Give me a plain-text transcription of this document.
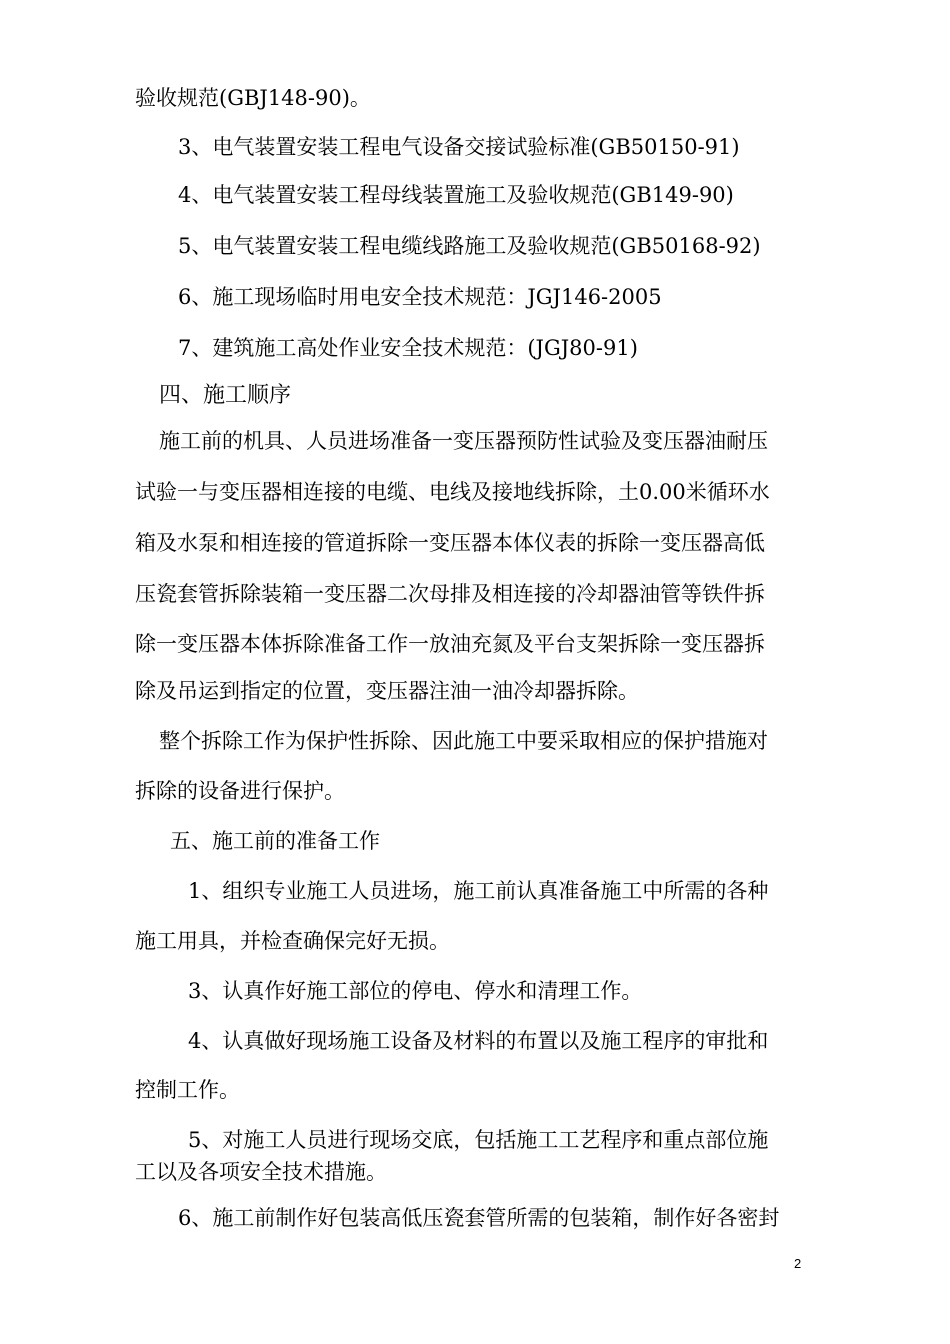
验收规范(GBJ148-90)。
3、电气装置安装工程电气设备交接试验标准(GB50150-91)
4、电气装置安装工程母线装置施工及验收规范(GB149-90)
5、电气装置安装工程电缆线路施工及验收规范(GB50168-92)
6、施工现场临时用电安全技术规范：JGJ146-2005
7、建筑施工高处作业安全技术规范：(JGJ80-91)
四、施工顺序
施工前的机具、人员进场准备一变压器预防性试验及变压器油耐压
试验一与变压器相连接的电缆、电线及接地线拆除，土0.00米循环水
箱及水泵和相连接的管道拆除一变压器本体仪表的拆除一变压器高低
压瓷套管拆除装箱一变压器二次母排及相连接的冷却器油管等铁件拆
除一变压器本体拆除准备工作一放油充氮及平台支架拆除一变压器拆
除及吊运到指定的位置，变压器注油一油冷却器拆除。
整个拆除工作为保护性拆除、因此施工中要采取相应的保护措施对
拆除的设备进行保护。
五、施工前的准备工作
1、组织专业施工人员进场，施工前认真准备施工中所需的各种
施工用具，并检查确保完好无损。
3、认真作好施工部位的停电、停水和清理工作。
4、认真做好现场施工设备及材料的布置以及施工程序的审批和
控制工作。
5、对施工人员进行现场交底，包括施工工艺程序和重点部位施
工以及各项安全技术措施。
6、施工前制作好包装高低压瓷套管所需的包装箱，制作好各密封
2
